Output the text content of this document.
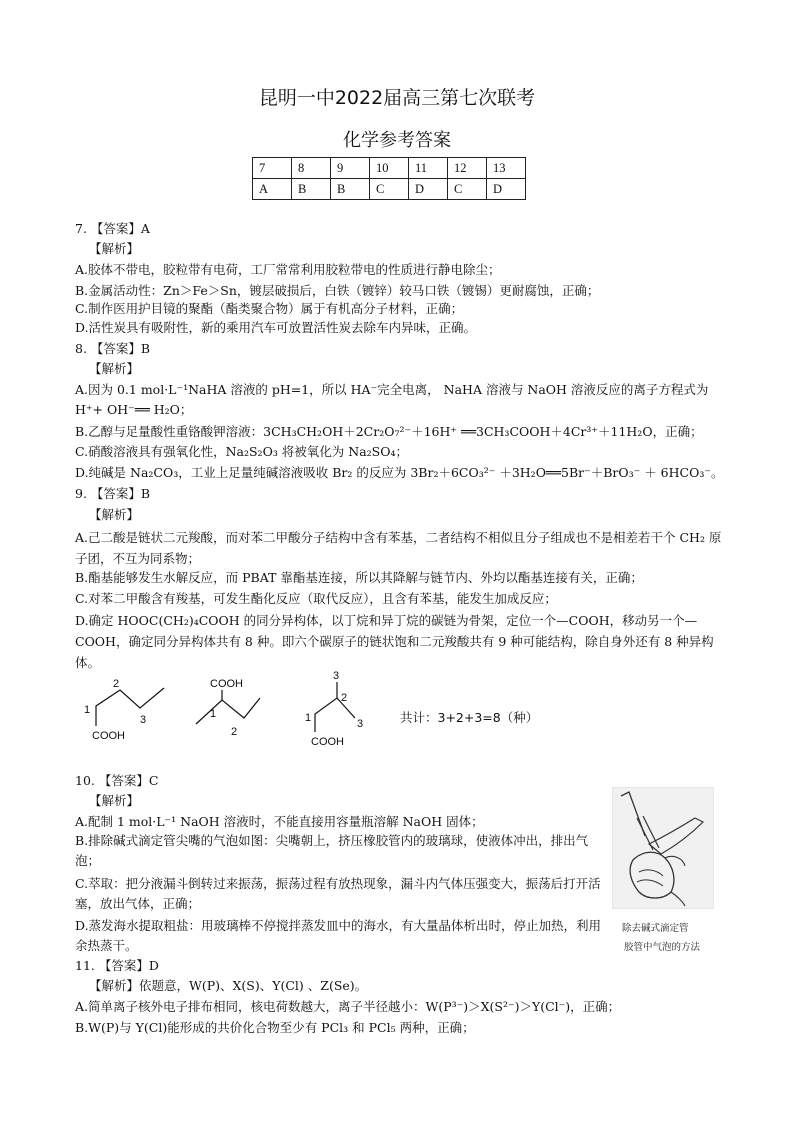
昆明一中2022届高三第七次联考
化学参考答案
7	8	9	10	11	12	13
A	B	B	C	D	C	D
7. 【答案】A
【解析】
A.胶体不带电，胶粒带有电荷，工厂常常利用胶粒带电的性质进行静电除尘；
B.金属活动性：Zn＞Fe＞Sn，镀层破损后，白铁（镀锌）较马口铁（镀锡）更耐腐蚀，正确；
C.制作医用护目镜的聚酯（酯类聚合物）属于有机高分子材料，正确；
D.活性炭具有吸附性，新的乘用汽车可放置活性炭去除车内异味，正确。
8. 【答案】B
【解析】
A.因为 0.1 mol·L⁻¹NaHA 溶液的 pH=1，所以 HA⁻完全电离， NaHA 溶液与 NaOH 溶液反应的离子方程式为
H⁺+ OH⁻══ H₂O；
B.乙醇与足量酸性重铬酸钾溶液：3CH₃CH₂OH＋2Cr₂O₇²⁻＋16H⁺ ══3CH₃COOH＋4Cr³⁺＋11H₂O，正确；
C.硝酸溶液具有强氧化性，Na₂S₂O₃ 将被氧化为 Na₂SO₄；
D.纯碱是 Na₂CO₃，工业上足量纯碱溶液吸收 Br₂ 的反应为 3Br₂＋6CO₃²⁻ ＋3H₂O══5Br⁻＋BrO₃⁻ ＋ 6HCO₃⁻。
9. 【答案】B
【解析】
A.己二酸是链状二元羧酸，而对苯二甲酸分子结构中含有苯基，二者结构不相似且分子组成也不是相差若干个 CH₂ 原子团，不互为同系物；
B.酯基能够发生水解反应，而 PBAT 靠酯基连接，所以其降解与链节内、外均以酯基连接有关，正确；
C.对苯二甲酸含有羧基，可发生酯化反应（取代反应），且含有苯基，能发生加成反应；
D.确定 HOOC(CH₂)₄COOH 的同分异构体，以丁烷和异丁烷的碳链为骨架，定位一个—COOH，移动另一个—COOH，确定同分异构体共有 8 种。即六个碳原子的链状饱和二元羧酸共有 9 种可能结构，除自身外还有 8 种异构体。
COOH
1
2
3
COOH
1
2
COOH
1
2
3
3	共计：3+2+3=8（种）
10. 【答案】C
【解析】
A.配制 1 mol·L⁻¹ NaOH 溶液时，不能直接用容量瓶溶解 NaOH 固体；
B.排除碱式滴定管尖嘴的气泡如图：尖嘴朝上，挤压橡胶管内的玻璃球，使液体冲出，排出气泡；
C.萃取：把分液漏斗倒转过来振荡，振荡过程有放热现象，漏斗内气体压强变大，振荡后打开活塞，放出气体，正确；
D.蒸发海水提取粗盐：用玻璃棒不停搅拌蒸发皿中的海水，有大量晶体析出时，停止加热，利用余热蒸干。
除去碱式滴定管
胶管中气泡的方法
11. 【答案】D
【解析】依题意，W(P)、X(S)、Y(Cl) 、Z(Se)。
A.简单离子核外电子排布相同，核电荷数越大，离子半径越小：W(P³⁻)＞X(S²⁻)＞Y(Cl⁻)，正确；
B.W(P)与 Y(Cl)能形成的共价化合物至少有 PCl₃ 和 PCl₅ 两种，正确；
